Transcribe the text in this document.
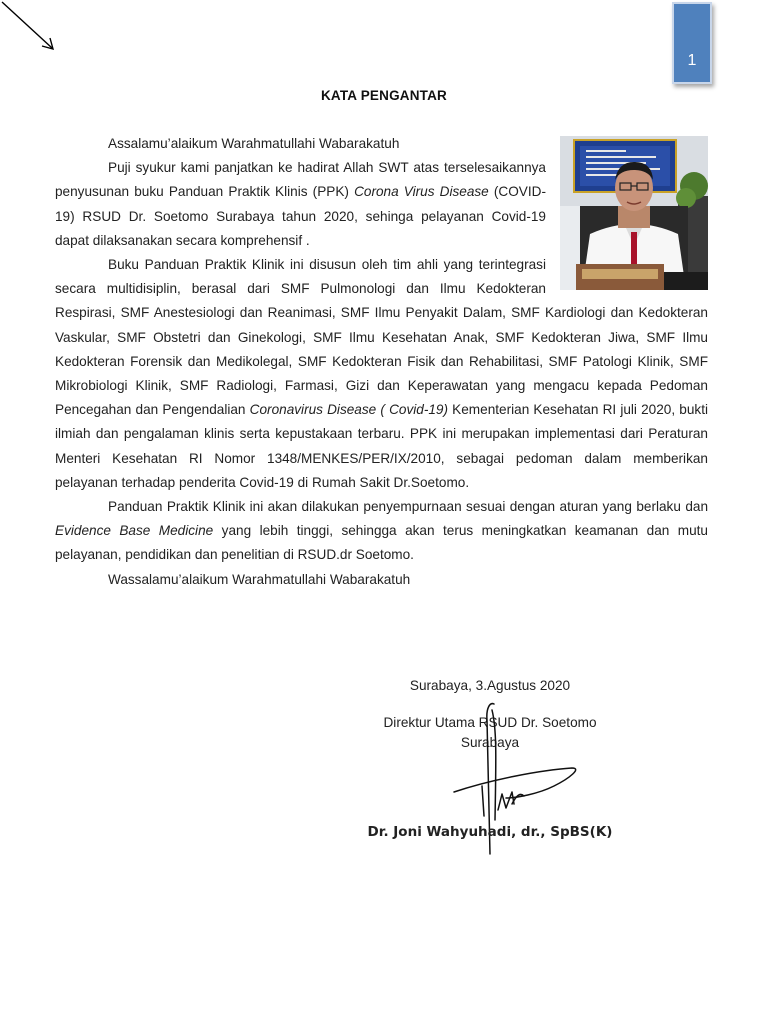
1
KATA PENGANTAR

Assalamu’alaikum Warahmatullahi Wabarakatuh

Puji syukur kami panjatkan ke hadirat Allah SWT atas terselesaikannya penyusunan buku Panduan Praktik Klinis (PPK) Corona Virus Disease (COVID-19) RSUD Dr. Soetomo Surabaya tahun 2020, sehinga pelayanan Covid-19 dapat dilaksanakan secara komprehensif .

Buku Panduan Praktik Klinik ini disusun oleh tim ahli yang terintegrasi secara multidisiplin, berasal dari SMF Pulmonologi dan Ilmu Kedokteran Respirasi, SMF Anestesiologi dan Reanimasi, SMF Ilmu Penyakit Dalam, SMF Kardiologi dan Kedokteran Vaskular, SMF Obstetri dan Ginekologi, SMF Ilmu Kesehatan Anak, SMF Kedokteran Jiwa, SMF Ilmu Kedokteran Forensik dan Medikolegal, SMF Kedokteran Fisik dan Rehabilitasi, SMF Patologi Klinik, SMF Mikrobiologi Klinik, SMF Radiologi, Farmasi, Gizi dan Keperawatan yang mengacu kepada Pedoman Pencegahan dan Pengendalian Coronavirus Disease ( Covid-19) Kementerian Kesehatan RI juli 2020, bukti ilmiah dan pengalaman klinis serta kepustakaan terbaru. PPK ini merupakan implementasi dari Peraturan Menteri Kesehatan RI Nomor 1348/MENKES/PER/IX/2010, sebagai pedoman dalam memberikan pelayanan terhadap penderita Covid-19 di Rumah Sakit Dr.Soetomo.

Panduan Praktik Klinik ini akan dilakukan penyempurnaan sesuai dengan aturan yang berlaku dan Evidence Base Medicine yang lebih tinggi, sehingga akan terus meningkatkan keamanan dan mutu pelayanan, pendidikan dan penelitian di RSUD.dr Soetomo.

Wassalamu’alaikum Warahmatullahi Wabarakatuh

Surabaya, 3.Agustus 2020
Direktur Utama RSUD Dr. Soetomo
Surabaya
Dr. Joni Wahyuhadi, dr., SpBS(K)
